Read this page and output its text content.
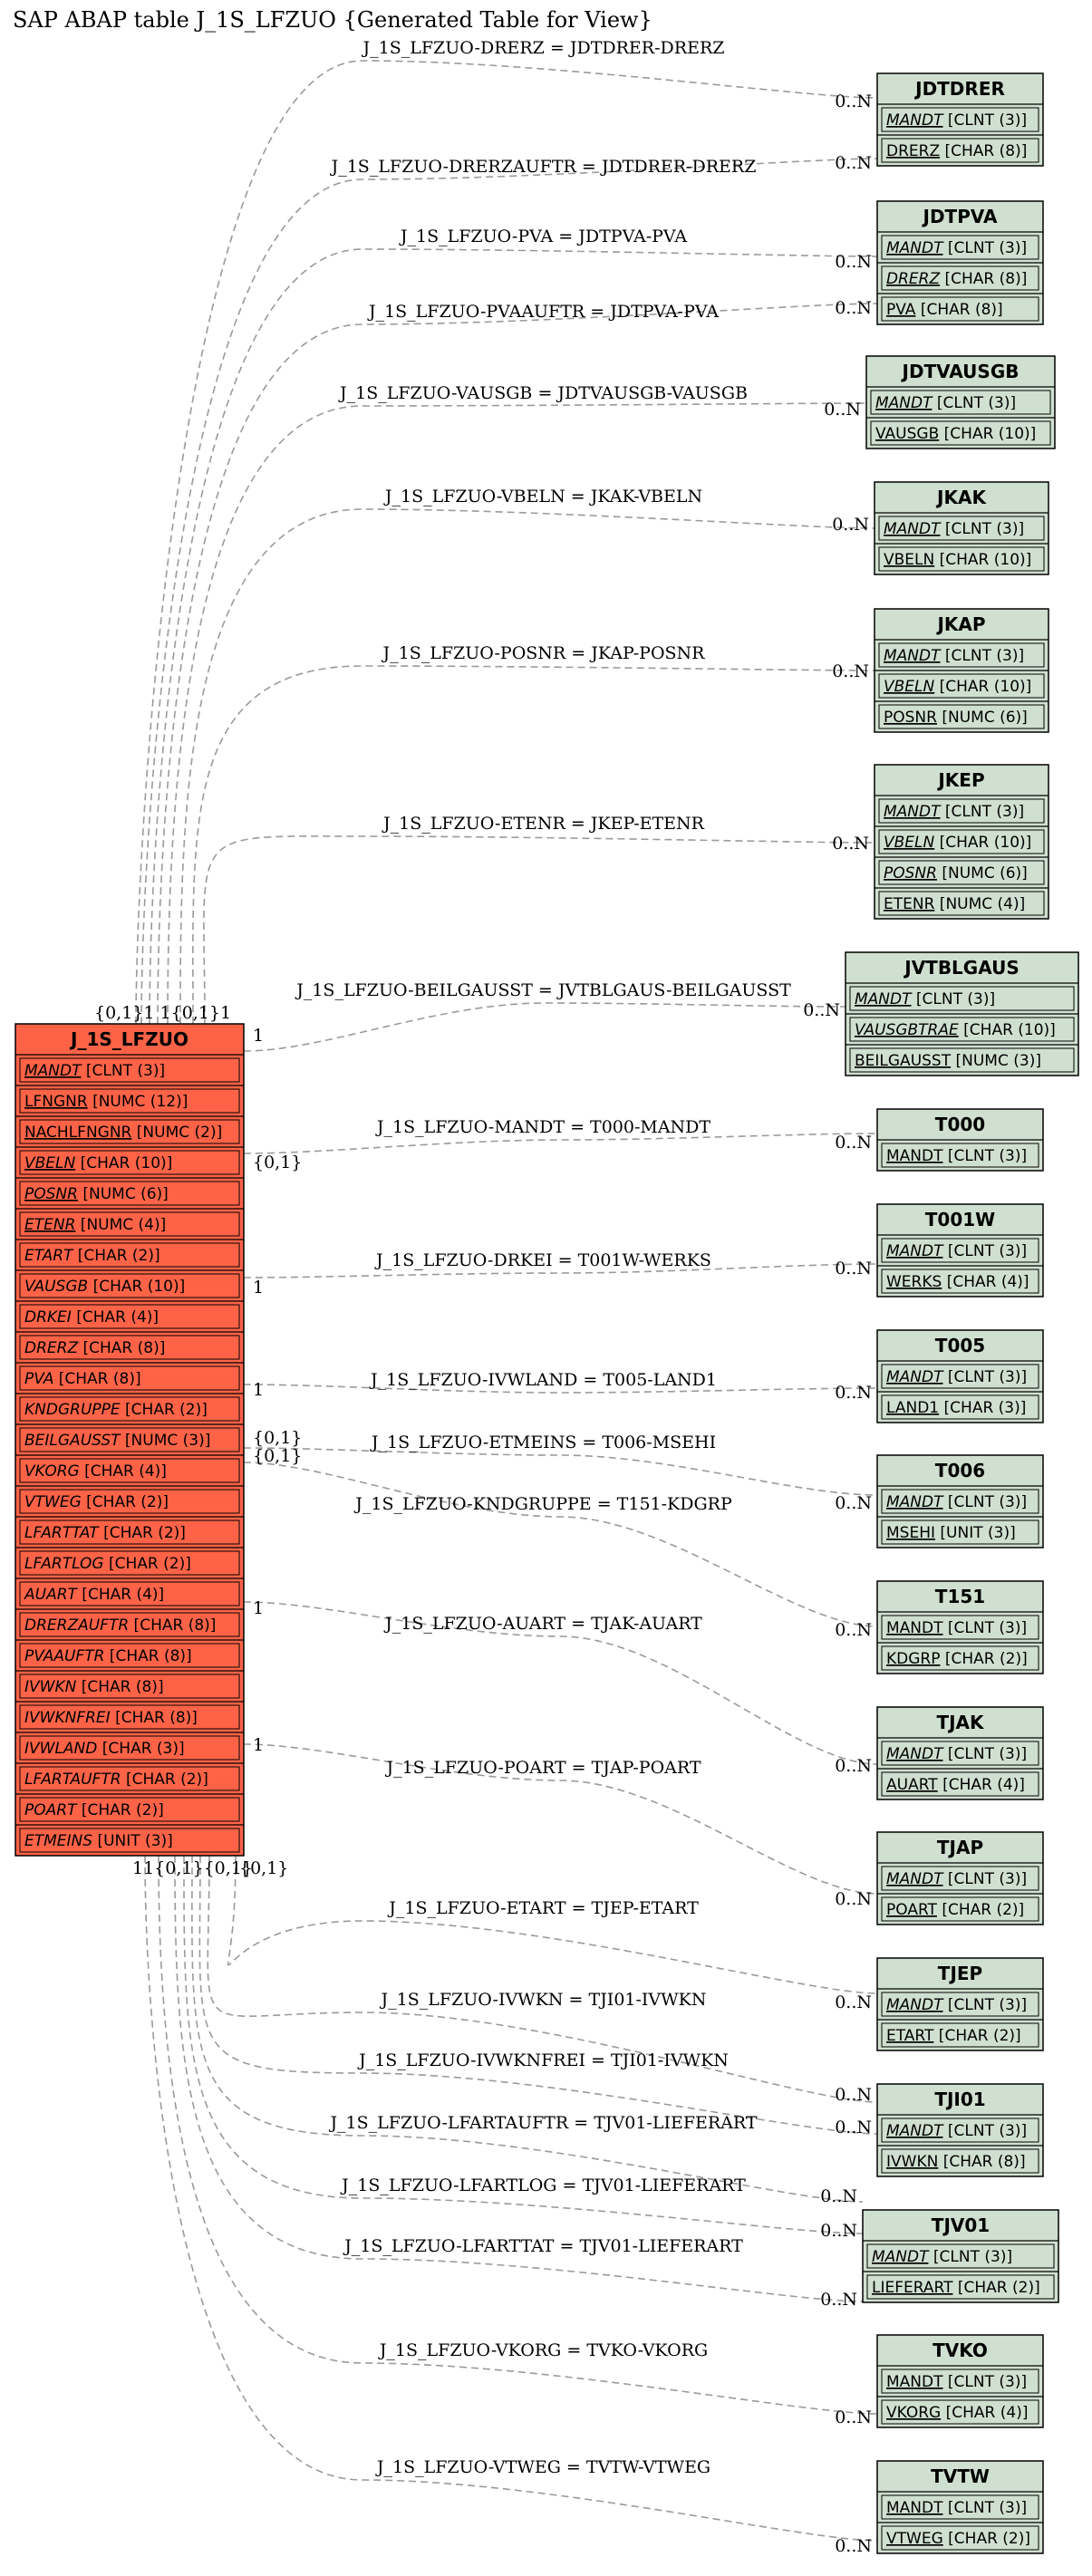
SAP ABAP table J_1S_LFZUO {Generated Table for View}
J_1S_LFZUO-DRERZ = JDTDRER-DRERZ
0..N
J_1S_LFZUO-DRERZAUFTR = JDTDRER-DRERZ	0..N
J_1S_LFZUO-PVA = JDTPVA-PVA
0..N
J_1S_LFZUO-PVAAUFTR = JDTPVA-PVA	0..N
J_1S_LFZUO-VAUSGB = JDTVAUSGB-VAUSGB
0..N
J_1S_LFZUO-VBELN = JKAK-VBELN
0..N
J_1S_LFZUO-POSNR = JKAP-POSNR
0..N
J_1S_LFZUO-ETENR = JKEP-ETENR
0..N
J_1S_LFZUO-BEILGAUSST = JVTBLGAUS-BEILGAUSST
0..N
1
J_1S_LFZUO-MANDT = T000-MANDT
0..N
{0,1}
J_1S_LFZUO-DRKEI = T001W-WERKS	0..N
1
J_1S_LFZUO-IVWLAND = T005-LAND1
0..N
1
J_1S_LFZUO-ETMEINS = T006-MSEHI
0..N
{0,1}
J_1S_LFZUO-KNDGRUPPE = T151-KDGRP
0..N
{0,1}
J_1S_LFZUO-AUART = TJAK-AUART
0..N
1
J_1S_LFZUO-POART = TJAP-POART
0..N
1
J_1S_LFZUO-ETART = TJEP-ETART
0..N
J_1S_LFZUO-IVWKN = TJI01-IVWKN
0..N
J_1S_LFZUO-IVWKNFREI = TJI01-IVWKN
0..N
J_1S_LFZUO-LFARTAUFTR = TJV01-LIEFERART
0..N
J_1S_LFZUO-LFARTLOG = TJV01-LIEFERART
0..N
J_1S_LFZUO-LFARTTAT = TJV01-LIEFERART
0..N
J_1S_LFZUO-VKORG = TVKO-VKORG
0..N
J_1S_LFZUO-VTWEG = TVTW-VTWEG
0..N
J_1S_LFZUO
MANDT [CLNT (3)]
LFNGNR [NUMC (12)]
NACHLFNGNR [NUMC (2)]
VBELN [CHAR (10)]
POSNR [NUMC (6)]
ETENR [NUMC (4)]
ETART [CHAR (2)]
VAUSGB [CHAR (10)]
DRKEI [CHAR (4)]
DRERZ [CHAR (8)]
PVA [CHAR (8)]
KNDGRUPPE [CHAR (2)]
BEILGAUSST [NUMC (3)]
VKORG [CHAR (4)]
VTWEG [CHAR (2)]
LFARTTAT [CHAR (2)]
LFARTLOG [CHAR (2)]
AUART [CHAR (4)]
DRERZAUFTR [CHAR (8)]
PVAAUFTR [CHAR (8)]
IVWKN [CHAR (8)]
IVWKNFREI [CHAR (8)]
IVWLAND [CHAR (3)]
LFARTAUFTR [CHAR (2)]
POART [CHAR (2)]
ETMEINS [UNIT (3)]
{0,1}1 1{0,1}1
11{0,1}{0,1}
{0,1}
JDTDRER
MANDT [CLNT (3)]
DRERZ [CHAR (8)]
JDTPVA
MANDT [CLNT (3)]
DRERZ [CHAR (8)]
PVA [CHAR (8)]
JDTVAUSGB
MANDT [CLNT (3)]
VAUSGB [CHAR (10)]
JKAK
MANDT [CLNT (3)]
VBELN [CHAR (10)]
JKAP
MANDT [CLNT (3)]
VBELN [CHAR (10)]
POSNR [NUMC (6)]
JKEP
MANDT [CLNT (3)]
VBELN [CHAR (10)]
POSNR [NUMC (6)]
ETENR [NUMC (4)]
JVTBLGAUS
MANDT [CLNT (3)]
VAUSGBTRAE [CHAR (10)]
BEILGAUSST [NUMC (3)]
T000
MANDT [CLNT (3)]
T001W
MANDT [CLNT (3)]
WERKS [CHAR (4)]
T005
MANDT [CLNT (3)]
LAND1 [CHAR (3)]
T006
MANDT [CLNT (3)]
MSEHI [UNIT (3)]
T151
MANDT [CLNT (3)]
KDGRP [CHAR (2)]
TJAK
MANDT [CLNT (3)]
AUART [CHAR (4)]
TJAP
MANDT [CLNT (3)]
POART [CHAR (2)]
TJEP
MANDT [CLNT (3)]
ETART [CHAR (2)]
TJI01
MANDT [CLNT (3)]
IVWKN [CHAR (8)]
TJV01
MANDT [CLNT (3)]
LIEFERART [CHAR (2)]
TVKO
MANDT [CLNT (3)]
VKORG [CHAR (4)]
TVTW
MANDT [CLNT (3)]
VTWEG [CHAR (2)]
